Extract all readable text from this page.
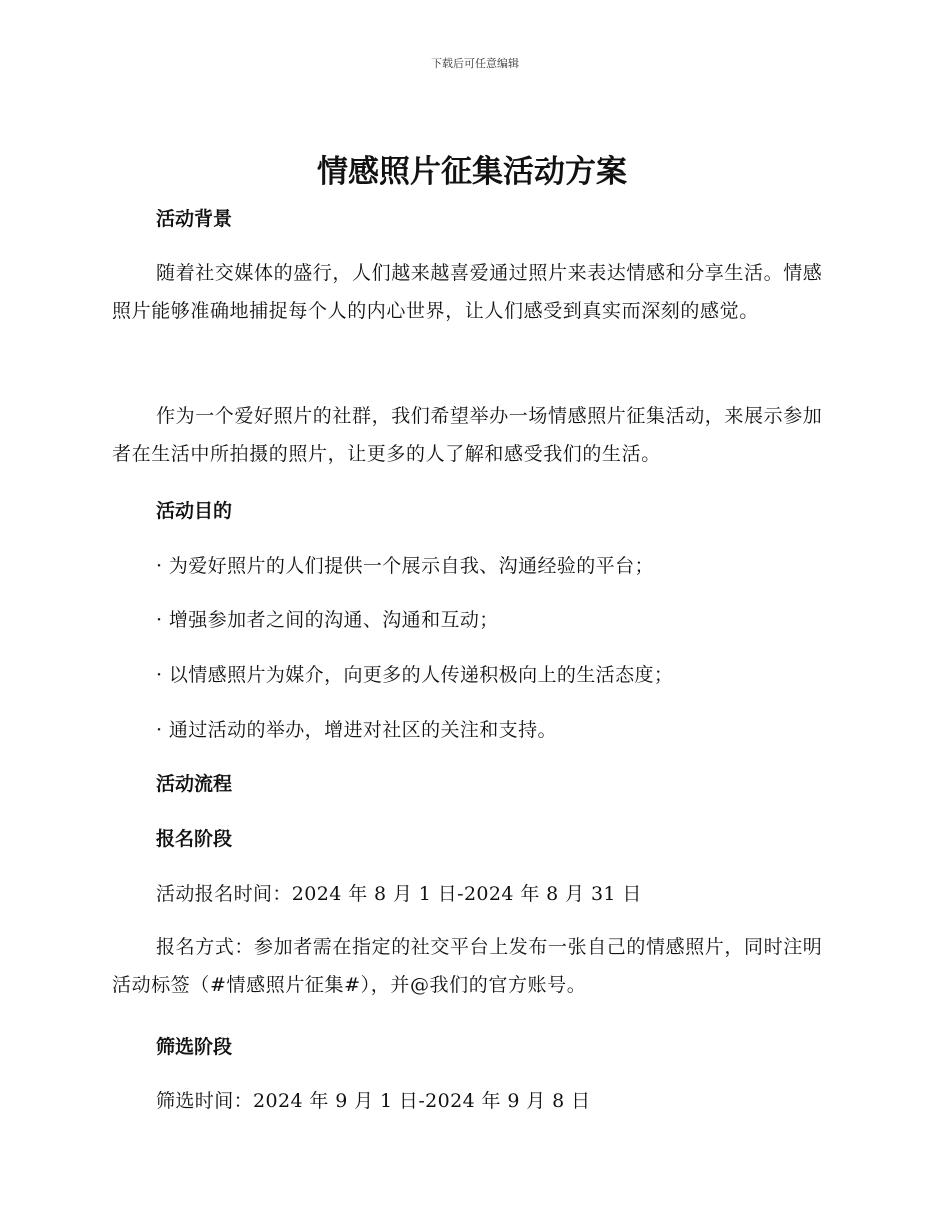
下载后可任意编辑
情感照片征集活动方案
活动背景

随着社交媒体的盛行，人们越来越喜爱通过照片来表达情感和分享生活。情感照片能够准确地捕捉每个人的内心世界，让人们感受到真实而深刻的感觉。

作为一个爱好照片的社群，我们希望举办一场情感照片征集活动，来展示参加者在生活中所拍摄的照片，让更多的人了解和感受我们的生活。

活动目的
· 为爱好照片的人们提供一个展示自我、沟通经验的平台；
· 增强参加者之间的沟通、沟通和互动；
· 以情感照片为媒介，向更多的人传递积极向上的生活态度；
· 通过活动的举办，增进对社区的关注和支持。
活动流程
报名阶段
活动报名时间：2024 年 8 月 1 日-2024 年 8 月 31 日

报名方式：参加者需在指定的社交平台上发布一张自己的情感照片，同时注明活动标签（#情感照片征集#），并@我们的官方账号。

筛选阶段
筛选时间：2024 年 9 月 1 日-2024 年 9 月 8 日
